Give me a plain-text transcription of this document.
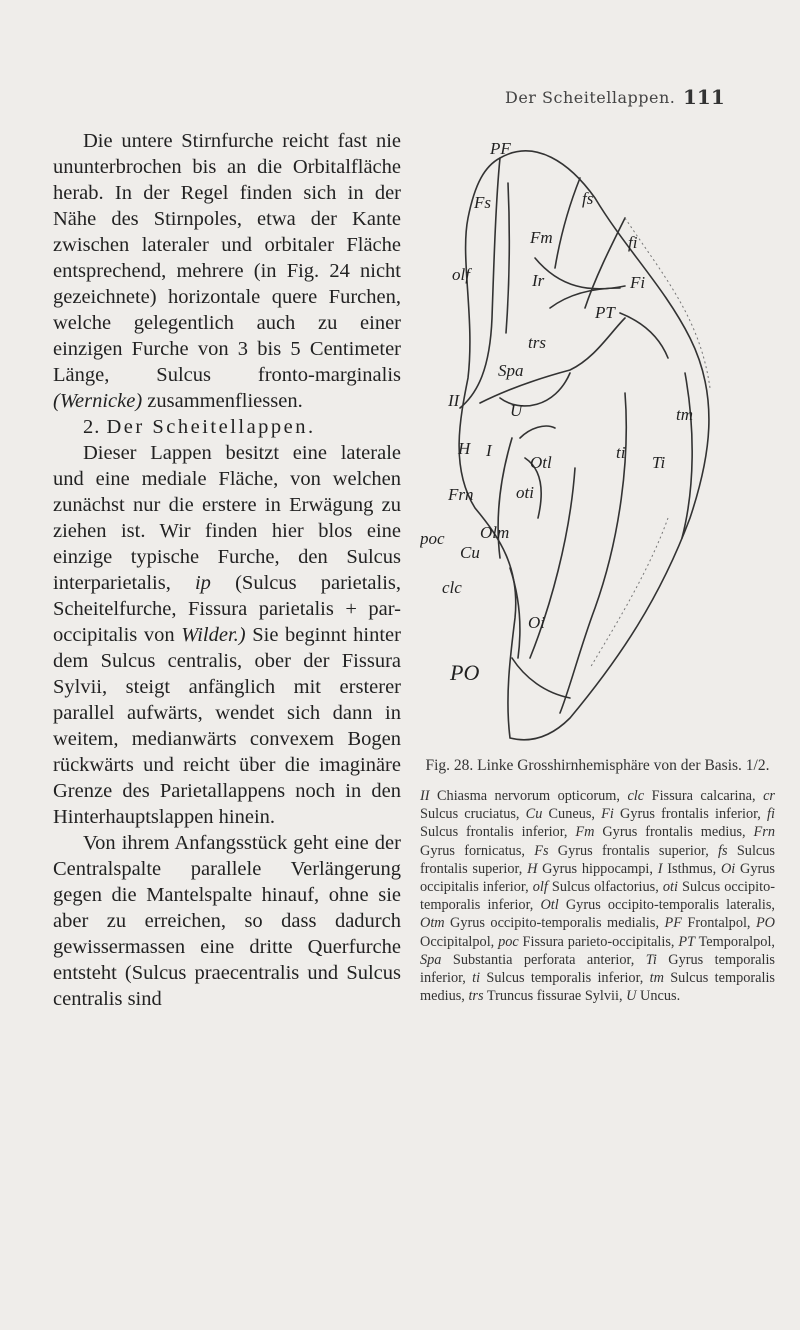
Der Scheitellappen. 111

Die untere Stirnfurche reicht fast nie ununterbrochen bis an die Orbitalfläche herab. In der Regel finden sich in der Nähe des Stirnpoles, etwa der Kante zwischen lateraler und orbitaler Fläche entsprechend, mehrere (in Fig. 24 nicht gezeichnete) horizontale quere Furchen, welche gelegentlich auch zu einer einzigen Furche von 3 bis 5 Centimeter Länge, Sulcus fronto-marginalis (Wernicke) zusammenfliessen.

2. Der Scheitellappen.

Dieser Lappen besitzt eine laterale und eine mediale Fläche, von welchen zunächst nur die erstere in Erwägung zu ziehen ist. Wir finden hier blos eine einzige typische Furche, den Sulcus interparietalis, ip (Sulcus parietalis, Scheitelfurche, Fissura parietalis + par-occipitalis von Wilder.) Sie beginnt hinter dem Sulcus centralis, ober der Fissura Sylvii, steigt anfänglich mit ersterer parallel aufwärts, wendet sich dann in weitem, medianwärts convexem Bogen rückwärts und reicht über die imaginäre Grenze des Parietallappens noch in den Hinterhauptslappen hinein.

Von ihrem Anfangsstück geht eine der Centralspalte parallele Verlängerung gegen die Mantelspalte hinauf, ohne sie aber zu erreichen, so dass dadurch gewissermassen eine dritte Querfurche entsteht (Sulcus praecentralis und Sulcus centralis sind

PF
Fs	fs
Fm	fi
olf	Ir	Fi
PT
trs
Spa
II
U	tm
H I
Otl
ti
Ti
Frn	oti
poc
Cu
Olm
clc
Oi
PO

Fig. 28. Linke Grosshirnhemisphäre von der Basis. 1/2.

II Chiasma nervorum opticorum, clc Fissura calcarina, cr Sulcus cruciatus, Cu Cuneus, Fi Gyrus frontalis inferior, fi Sulcus frontalis inferior, Fm Gyrus frontalis medius, Frn Gyrus fornicatus, Fs Gyrus frontalis superior, fs Sulcus frontalis superior, H Gyrus hippocampi, I Isthmus, Oi Gyrus occipitalis inferior, olf Sulcus olfactorius, oti Sulcus occipito-temporalis inferior, Otl Gyrus occipito-temporalis lateralis, Otm Gyrus occipito-temporalis medialis, PF Frontalpol, PO Occipitalpol, poc Fissura parieto-occipitalis, PT Temporalpol, Spa Substantia perforata anterior, Ti Gyrus temporalis inferior, ti Sulcus temporalis inferior, tm Sulcus temporalis medius, trs Truncus fissurae Sylvii, U Uncus.
